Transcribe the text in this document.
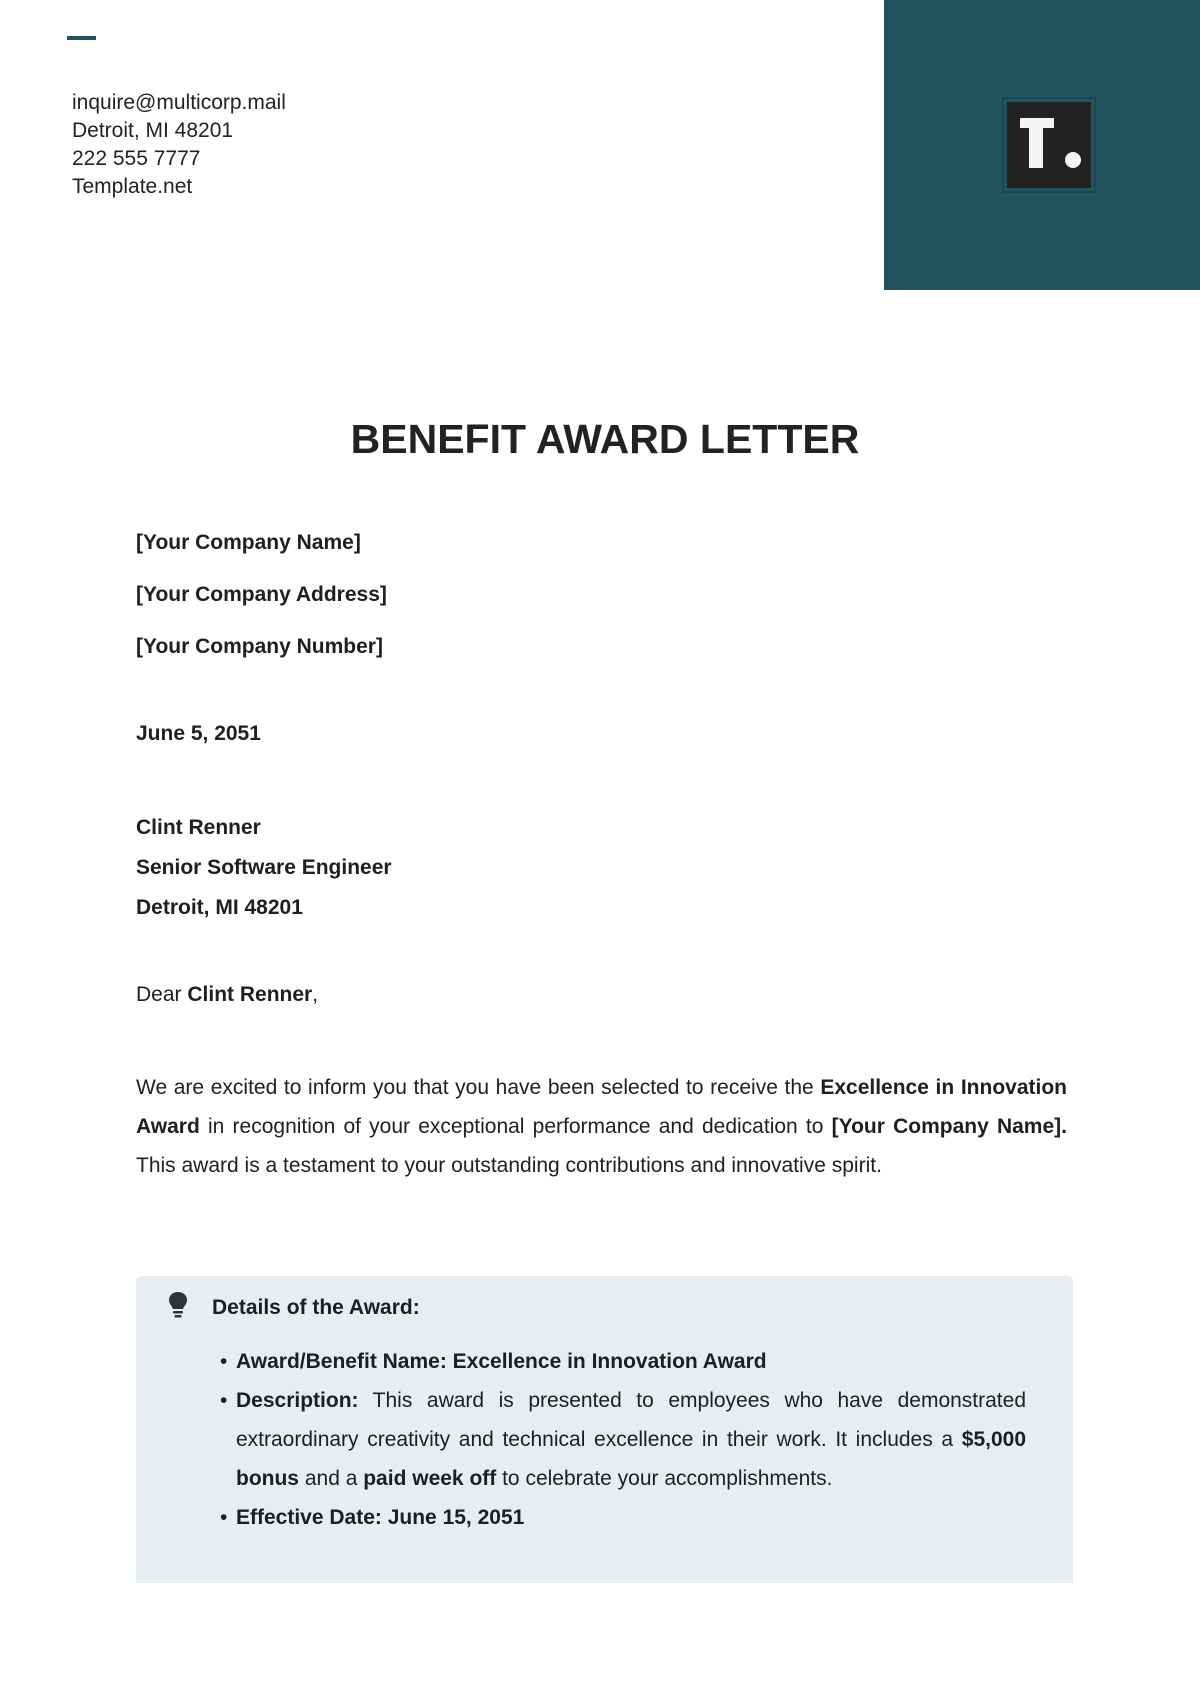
inquire@multicorp.mail
Detroit, MI 48201
222 555 7777
Template.net
BENEFIT AWARD LETTER
[Your Company Name]
[Your Company Address]
[Your Company Number]
June 5, 2051
Clint Renner
Senior Software Engineer
Detroit, MI 48201
Dear Clint Renner,

We are excited to inform you that you have been selected to receive the Excellence in Innovation Award in recognition of your exceptional performance and dedication to [Your Company Name]. This award is a testament to your outstanding contributions and innovative spirit.

Details of the Award:
• Award/Benefit Name: Excellence in Innovation Award
• Description: This award is presented to employees who have demonstrated extraordinary creativity and technical excellence in their work. It includes a $5,000 bonus and a paid week off to celebrate your accomplishments.
• Effective Date: June 15, 2051
